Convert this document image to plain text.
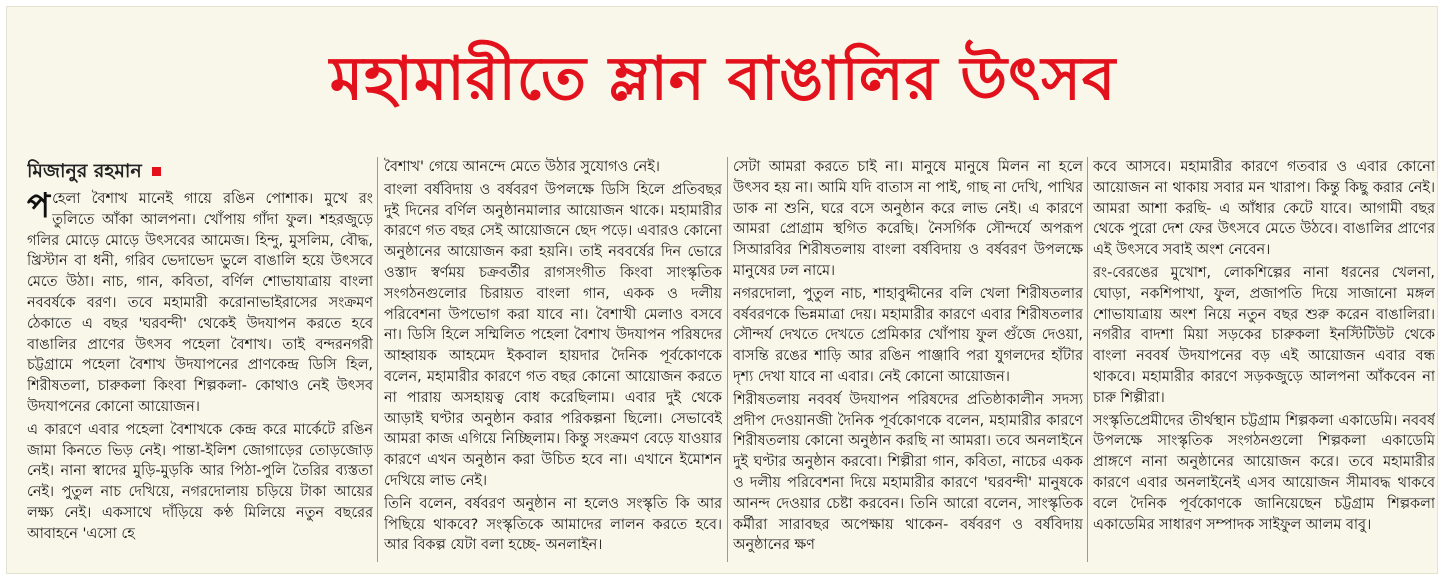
মহামারীতে ম্লান বাঙালির উৎসব
মিজানুর রহমান

পহেলা বৈশাখ মানেই গায়ে রঙিন পোশাক। মুখে রং তুলিতে আঁকা আলপনা। খোঁপায় গাঁদা ফুল। শহরজুড়ে গলির মোড়ে মোড়ে উৎসবের আমেজ। হিন্দু, মুসলিম, বৌদ্ধ, খ্রিস্টান বা ধনী, গরিব ভেদাভেদ ভুলে বাঙালি হয়ে উৎসবে মেতে উঠা। নাচ, গান, কবিতা, বর্ণিল শোভাযাত্রায় বাংলা নববর্ষকে বরণ। তবে মহামারী করোনাভাইরাসের সংক্রমণ ঠেকাতে এ বছর 'ঘরবন্দী' থেকেই উদযাপন করতে হবে বাঙালির প্রাণের উৎসব পহেলা বৈশাখ। তাই বন্দরনগরী চট্টগ্রামে পহেলা বৈশাখ উদযাপনের প্রাণকেন্দ্র ডিসি হিল, শিরীষতলা, চারুকলা কিংবা শিল্পকলা- কোথাও নেই উৎসব উদযাপনের কোনো আয়োজন।

এ কারণে এবার পহেলা বৈশাখকে কেন্দ্র করে মার্কেটে রঙিন জামা কিনতে ভিড় নেই। পান্তা-ইলিশ জোগাড়ের তোড়জোড় নেই। নানা স্বাদের মুড়ি-মুড়কি আর পিঠা-পুলি তৈরির ব্যস্ততা নেই। পুতুল নাচ দেখিয়ে, নগরদোলায় চড়িয়ে টাকা আয়ের লক্ষ্য নেই। একসাথে দাঁড়িয়ে কণ্ঠ মিলিয়ে নতুন বছরের আবাহনে 'এসো হে

বৈশাখ' গেয়ে আনন্দে মেতে উঠার সুযোগও নেই।

বাংলা বর্ষবিদায় ও বর্ষবরণ উপলক্ষে ডিসি হিলে প্রতিবছর দুই দিনের বর্ণিল অনুষ্ঠানমালার আয়োজন থাকে। মহামারীর কারণে গত বছর সেই আয়োজনে ছেদ পড়ে। এবারও কোনো অনুষ্ঠানের আয়োজন করা হয়নি। তাই নববর্ষের দিন ভোরে ওস্তাদ স্বর্ণময় চক্রবর্তীর রাগসংগীত কিংবা সাংস্কৃতিক সংগঠনগুলোর চিরায়ত বাংলা গান, একক ও দলীয় পরিবেশনা উপভোগ করা যাবে না। বৈশাখী মেলাও বসবে না। ডিসি হিলে সম্মিলিত পহেলা বৈশাখ উদযাপন পরিষদের আহ্বায়ক আহমেদ ইকবাল হায়দার দৈনিক পূর্বকোণকে বলেন, মহামারীর কারণে গত বছর কোনো আয়োজন করতে না পারায় অসহায়ত্ব বোধ করেছিলাম। এবার দুই থেকে আড়াই ঘণ্টার অনুষ্ঠান করার পরিকল্পনা ছিলো। সেভাবেই আমরা কাজ এগিয়ে নিচ্ছিলাম। কিন্তু সংক্রমণ বেড়ে যাওয়ার কারণে এখন অনুষ্ঠান করা উচিত হবে না। এখানে ইমোশন দেখিয়ে লাভ নেই।

তিনি বলেন, বর্ষবরণ অনুষ্ঠান না হলেও সংস্কৃতি কি আর পিছিয়ে থাকবে? সংস্কৃতিকে আমাদের লালন করতে হবে। আর বিকল্প যেটা বলা হচ্ছে- অনলাইন।

সেটা আমরা করতে চাই না। মানুষে মানুষে মিলন না হলে উৎসব হয় না। আমি যদি বাতাস না পাই, গাছ না দেখি, পাখির ডাক না শুনি, ঘরে বসে অনুষ্ঠান করে লাভ নেই। এ কারণে আমরা প্রোগ্রাম স্থগিত করেছি। নৈসর্গিক সৌন্দর্যে অপরূপ সিআরবির শিরীষতলায় বাংলা বর্ষবিদায় ও বর্ষবরণ উপলক্ষে মানুষের ঢল নামে।

নগরদোলা, পুতুল নাচ, শাহাবুদ্দীনের বলি খেলা শিরীষতলার বর্ষবরণকে ভিন্নমাত্রা দেয়। মহামারীর কারণে এবার শিরীষতলার সৌন্দর্য দেখতে দেখতে প্রেমিকার খোঁপায় ফুল গুঁজে দেওয়া, বাসন্তি রঙের শাড়ি আর রঙিন পাঞ্জাবি পরা যুগলদের হাঁটার দৃশ্য দেখা যাবে না এবার। নেই কোনো আয়োজন।

শিরীষতলায় নববর্ষ উদযাপন পরিষদের প্রতিষ্ঠাকালীন সদস্য প্রদীপ দেওয়ানজী দৈনিক পূর্বকোণকে বলেন, মহামারীর কারণে শিরীষতলায় কোনো অনুষ্ঠান করছি না আমরা। তবে অনলাইনে দুই ঘণ্টার অনুষ্ঠান করবো। শিল্পীরা গান, কবিতা, নাচের একক ও দলীয় পরিবেশনা দিয়ে মহামারীর কারণে 'ঘরবন্দী' মানুষকে আনন্দ দেওয়ার চেষ্টা করবেন। তিনি আরো বলেন, সাংস্কৃতিক কর্মীরা সারাবছর অপেক্ষায় থাকেন- বর্ষবরণ ও বর্ষবিদায় অনুষ্ঠানের ক্ষণ

কবে আসবে। মহামারীর কারণে গতবার ও এবার কোনো আয়োজন না থাকায় সবার মন খারাপ। কিন্তু কিছু করার নেই। আমরা আশা করছি- এ আঁধার কেটে যাবে। আগামী বছর থেকে পুরো দেশ ফের উৎসবে মেতে উঠবে। বাঙালির প্রাণের এই উৎসবে সবাই অংশ নেবেন।

রং-বেরঙের মুখোশ, লোকশিল্পের নানা ধরনের খেলনা, ঘোড়া, নকশিপাখা, ফুল, প্রজাপতি দিয়ে সাজানো মঙ্গল শোভাযাত্রায় অংশ নিয়ে নতুন বছর শুরু করেন বাঙালিরা। নগরীর বাদশা মিয়া সড়কের চারুকলা ইনস্টিটিউট থেকে বাংলা নববর্ষ উদযাপনের বড় এই আয়োজন এবার বন্ধ থাকবে। মহামারীর কারণে সড়কজুড়ে আলপনা আঁকবেন না চারু শিল্পীরা।

সংস্কৃতিপ্রেমীদের তীর্থস্থান চট্টগ্রাম শিল্পকলা একাডেমি। নববর্ষ উপলক্ষে সাংস্কৃতিক সংগঠনগুলো শিল্পকলা একাডেমি প্রাঙ্গণে নানা অনুষ্ঠানের আয়োজন করে। তবে মহামারীর কারণে এবার অনলাইনেই এসব আয়োজন সীমাবদ্ধ থাকবে বলে দৈনিক পূর্বকোণকে জানিয়েছেন চট্টগ্রাম শিল্পকলা একাডেমির সাধারণ সম্পাদক সাইফুল আলম বাবু।
